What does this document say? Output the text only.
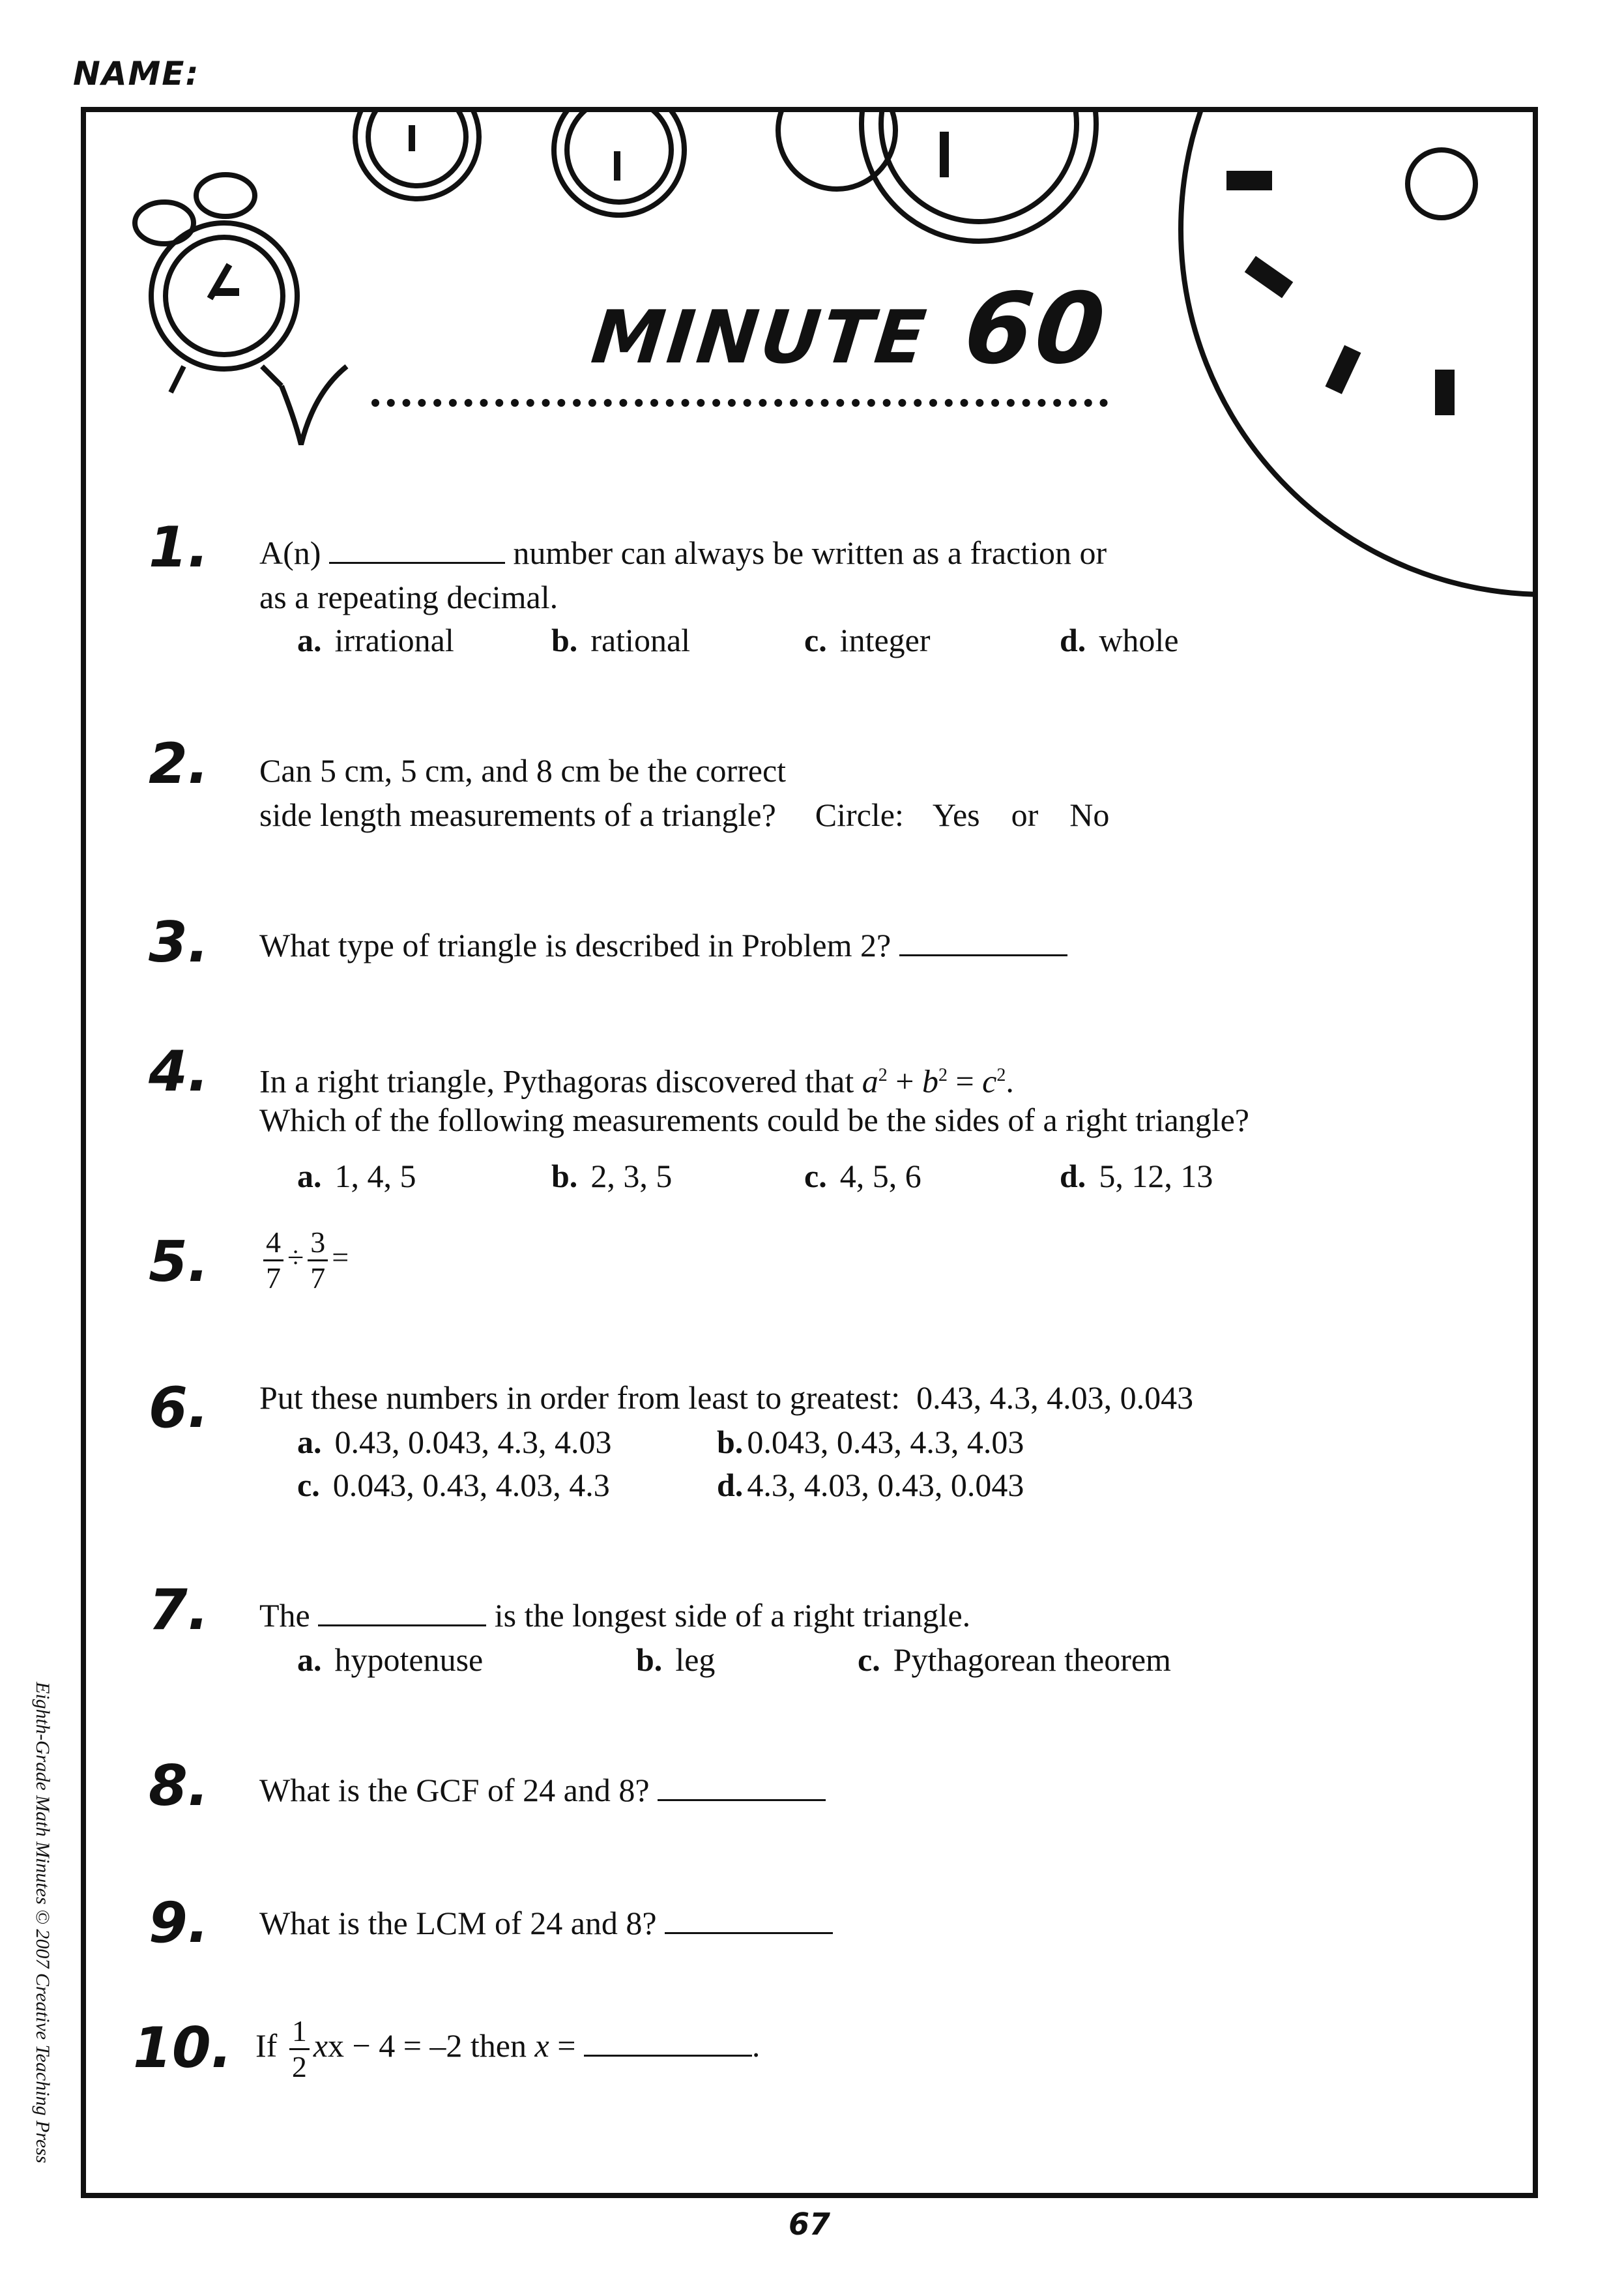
NAME:
MINUTE 60
1. A(n)	number can always be written as a fraction or
as a repeating decimal.
a. irrational	b. rational	c. integer	d. whole
2. Can 5 cm, 5 cm, and 8 cm be the correct
side length measurements of a triangle? Circle: Yes or No
3. What type of triangle is described in Problem 2?
4. In a right triangle, Pythagoras discovered that $a^2 + b^2 = c^2$.
Which of the following measurements could be the sides of a right triangle?
a. 1, 4, 5	b. 2, 3, 5	c. 4, 5, 6	d. 5, 12, 13
5. $\frac{4}{7} \div \frac{3}{7}$ =
6. Put these numbers in order from least to greatest:  0.43, 4.3, 4.03, 0.043
a. 0.43, 0.043, 4.3, 4.03	b. 0.043, 0.43, 4.3, 4.03
c. 0.043, 0.43, 4.03, 4.3	d. 4.3, 4.03, 0.43, 0.043
7. The	is the longest side of a right triangle.
a. hypotenuse	b. leg	c. Pythagorean theorem
8. What is the GCF of 24 and 8?
9. What is the LCM of 24 and 8?
10. If $\frac{1}{2}$ xx − 4 = –2 then x =	.
Eighth-Grade Math Minutes © 2007 Creative Teaching Press
67
